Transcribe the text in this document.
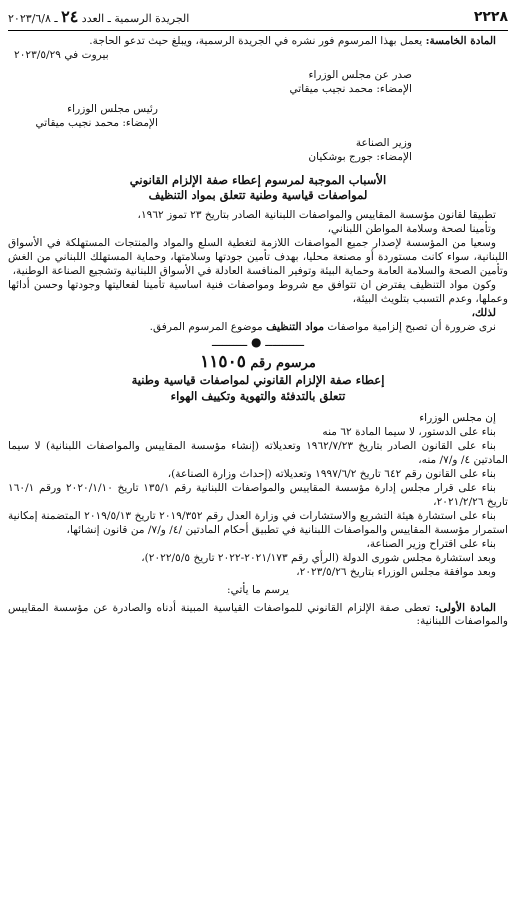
٢٢٢٨
الجريدة الرسمية ـ العدد ٢٤ ـ ٢٠٢٣/٦/٨

المادة الخامسة: يعمل بهذا المرسوم فور نشره في الجريدة الرسمية، ويبلغ حيث تدعو الحاجة.

بيروت في ٢٠٢٣/٥/٢٩

صدر عن مجلس الوزراء

الإمضاء: محمد نجيب ميقاتي

رئيس مجلس الوزراء

الإمضاء: محمد نجيب ميقاتي

وزير الصناعة

الإمضاء: جورج بوشكيان

الأسباب الموجبة لمرسوم إعطاء صفة الإلزام القانوني

لمواصفات قياسية وطنية تتعلق بمواد التنظيف

تطبيقا لقانون مؤسسة المقاييس والمواصفات اللبنانية الصادر بتاريخ ٢٣ تموز ١٩٦٢،

وتأمينا لصحة وسلامة المواطن اللبناني،

وسعيا من المؤسسة لإصدار جميع المواصفات اللازمة لتغطية السلع والمواد والمنتجات المستهلكة في الأسواق اللبنانية، سواء كانت مستوردة أو مصنعة محليا، بهدف تأمين جودتها وسلامتها، وحماية المستهلك اللبناني من الغش وتأمين الصحة والسلامة العامة وحماية البيئة وتوفير المنافسة العادلة في الأسواق اللبنانية وتشجيع الصناعة الوطنية،

وكون مواد التنظيف يفترض ان تتوافق مع شروط ومواصفات فنية اساسية تأمينا لفعاليتها وجودتها وحسن أدائها وعملها، وعدم التسبب بتلويث البيئة،

لذلك،

نرى ضرورة أن تصبح إلزامية مواصفات مواد التنظيف موضوع المرسوم المرفق.

ـــــــــــ ● ــــــــــ

مرسوم رقم ١١٥٠٥

إعطاء صفة الإلزام القانوني لمواصفات قياسية وطنية

تتعلق بالتدفئة والتهوية وتكييف الهواء

إن مجلس الوزراء

بناء على الدستور، لا سيما المادة ٦٢ منه

بناء على القانون الصادر بتاريخ ١٩٦٢/٧/٢٣ وتعديلاته (إنشاء مؤسسة المقاييس والمواصفات اللبنانية) لا سيما المادتين ٤/ و/٧/ منه،

بناء على القانون رقم ٦٤٢ تاريخ ١٩٩٧/٦/٢ وتعديلاته (إحداث وزارة الصناعة)،

بناء على قرار مجلس إدارة مؤسسة المقاييس والمواصفات اللبنانية رقم ١٣٥/١ تاريخ ٢٠٢٠/١/١٠ ورقم ١٦٠/١ تاريخ ٢٠٢١/٢/٢٦،

بناء على استشارة هيئة التشريع والاستشارات في وزارة العدل رقم ٢٠١٩/٣٥٢ تاريخ ٢٠١٩/٥/١٣ المتضمنة إمكانية استمرار مؤسسة المقاييس والمواصفات اللبنانية في تطبيق أحكام المادتين /٤/ و/٧/ من قانون إنشائها،

بناء على اقتراح وزير الصناعة،

وبعد استشارة مجلس شورى الدولة (الرأي رقم ٢٠٢١/١٧٣-٢٠٢٢ تاريخ ٢٠٢٢/٥/٥)،

وبعد موافقة مجلس الوزراء بتاريخ ٢٠٢٣/٥/٢٦،

يرسم ما يأتي:

المادة الأولى: تعطى صفة الإلزام القانوني للمواصفات القياسية المبينة أدناه والصادرة عن مؤسسة المقاييس والمواصفات اللبنانية:
